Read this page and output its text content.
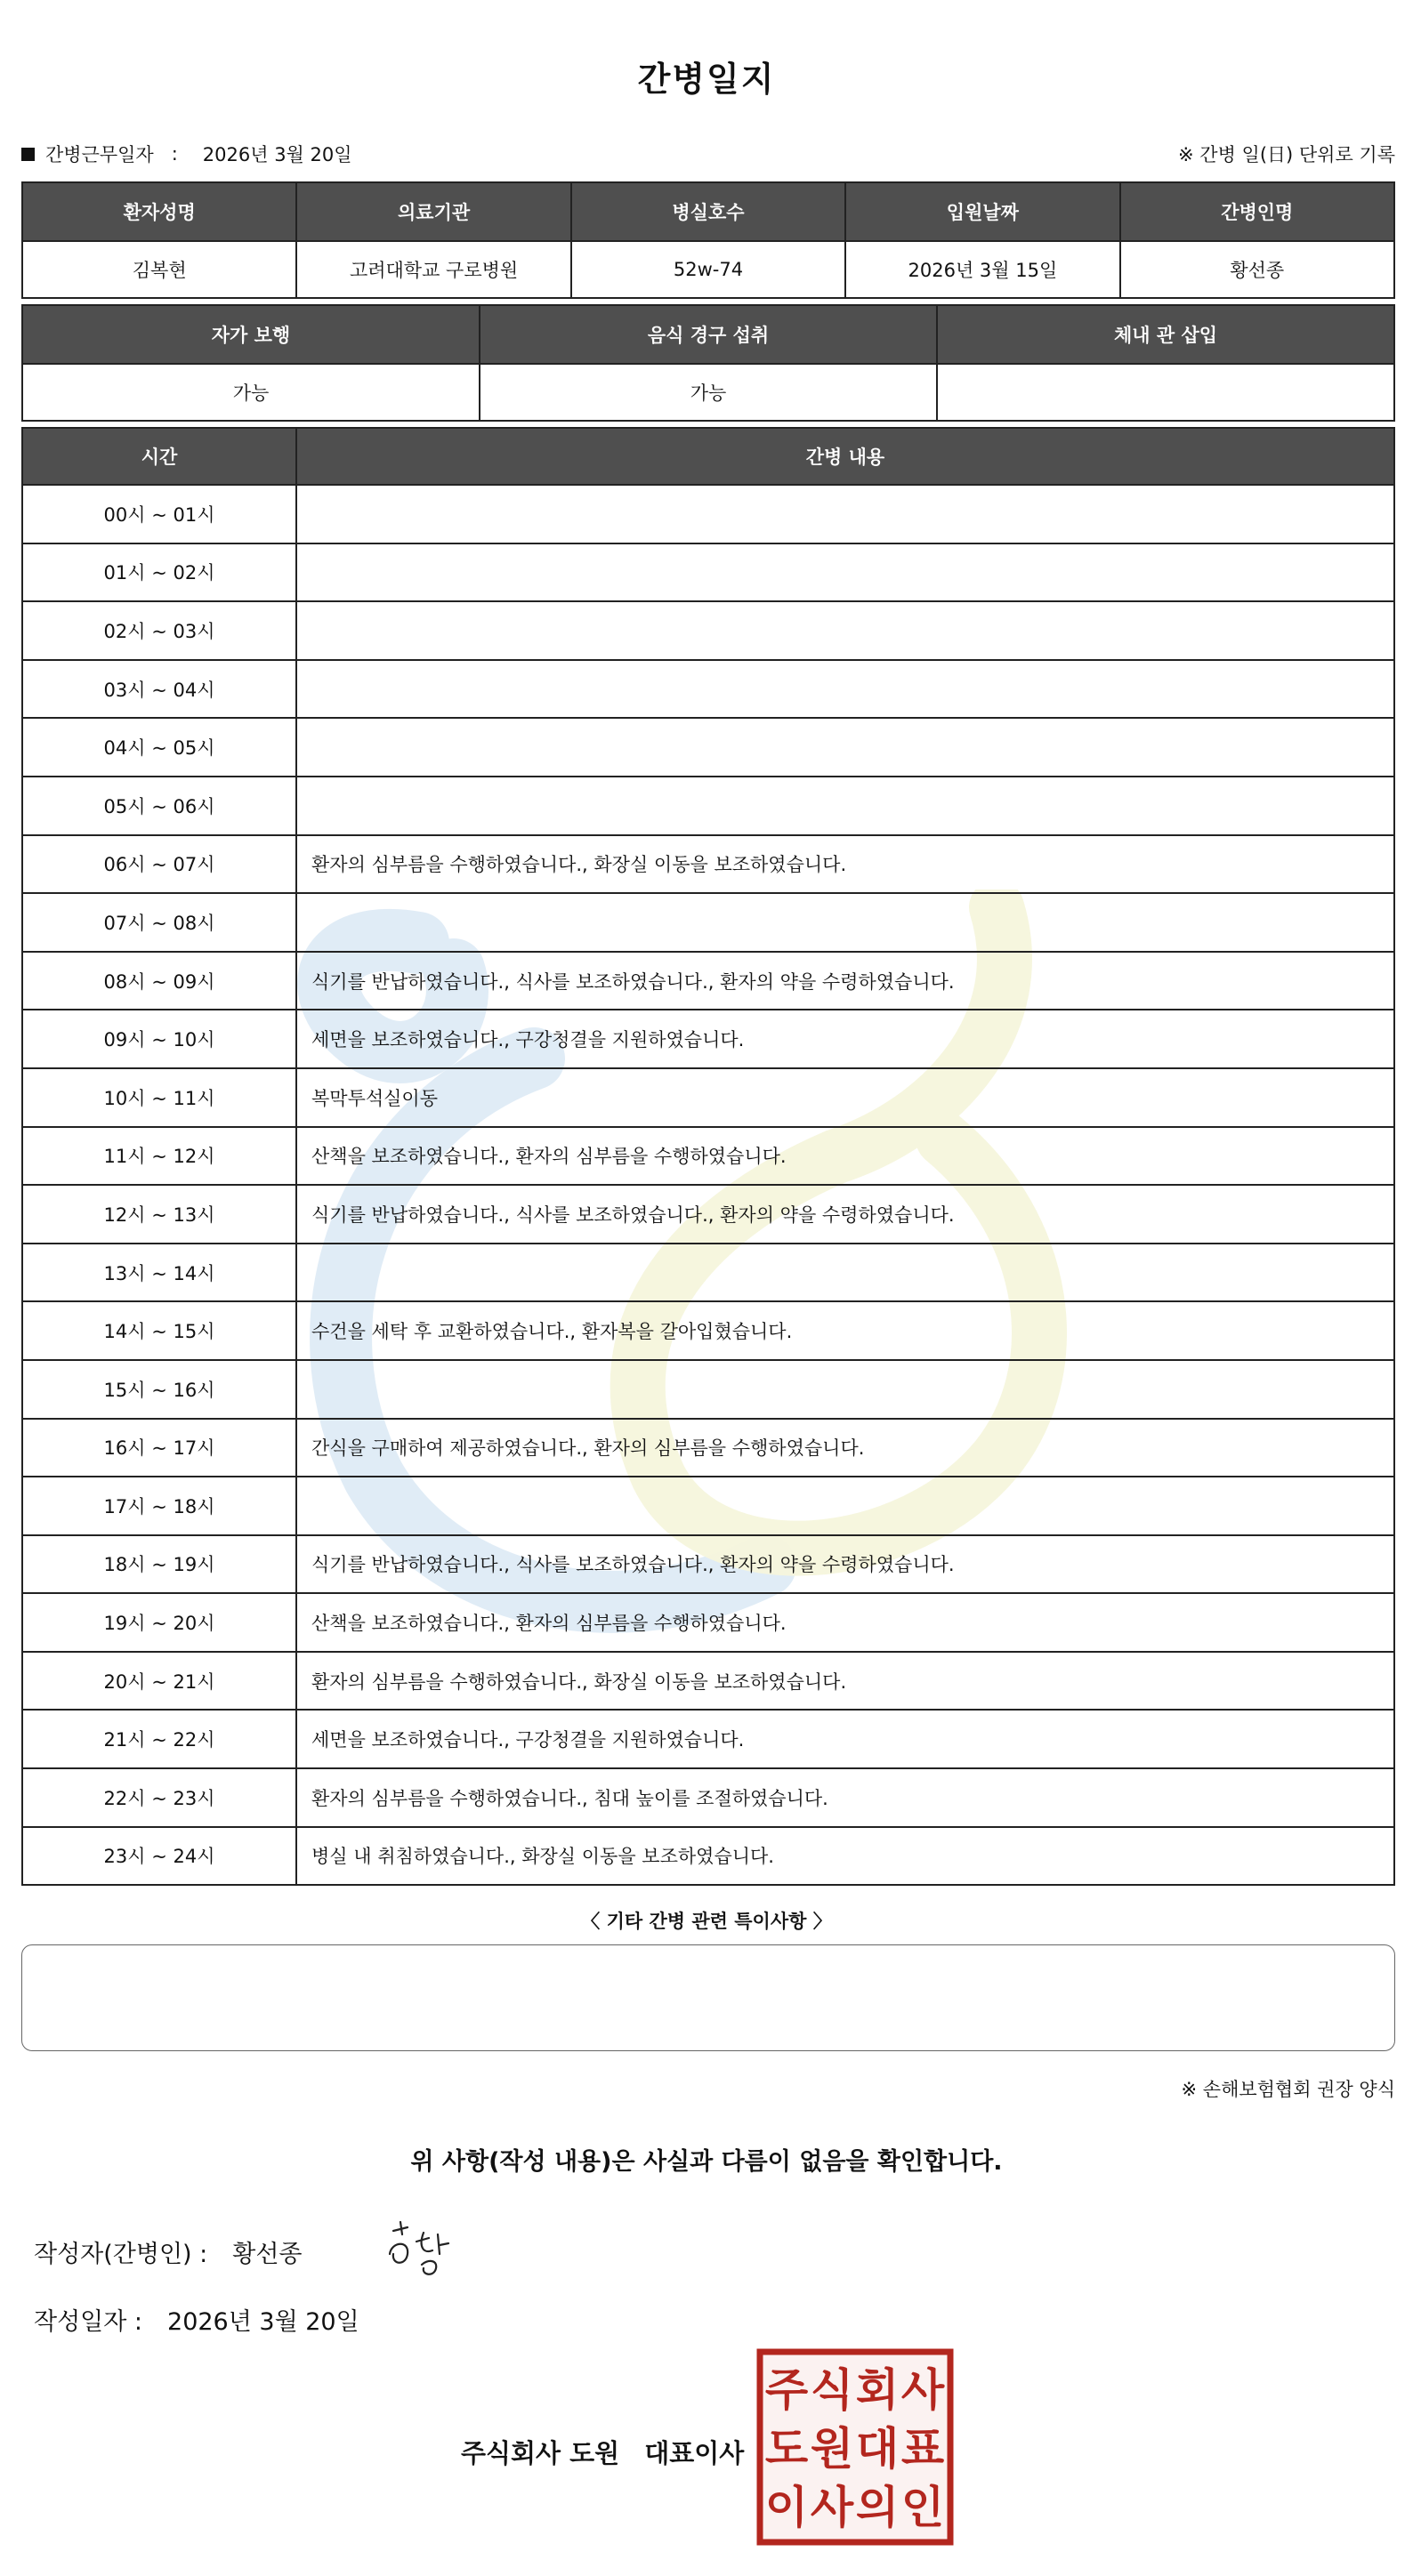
간병일지
간병근무일자 : 2026년 3월 20일	※ 간병 일(日) 단위로 기록
환자성명	의료기관	병실호수	입원날짜	간병인명
김복현	고려대학교 구로병원	52w-74	2026년 3월 15일	황선종
자가 보행	음식 경구 섭취	체내 관 삽입
가능	가능	
시간	간병 내용
00시 ~ 01시	
01시 ~ 02시	
02시 ~ 03시	
03시 ~ 04시	
04시 ~ 05시	
05시 ~ 06시	
06시 ~ 07시	환자의 심부름을 수행하였습니다., 화장실 이동을 보조하였습니다.
07시 ~ 08시	
08시 ~ 09시	식기를 반납하였습니다., 식사를 보조하였습니다., 환자의 약을 수령하였습니다.
09시 ~ 10시	세면을 보조하였습니다., 구강청결을 지원하였습니다.
10시 ~ 11시	복막투석실이동
11시 ~ 12시	산책을 보조하였습니다., 환자의 심부름을 수행하였습니다.
12시 ~ 13시	식기를 반납하였습니다., 식사를 보조하였습니다., 환자의 약을 수령하였습니다.
13시 ~ 14시	
14시 ~ 15시	수건을 세탁 후 교환하였습니다., 환자복을 갈아입혔습니다.
15시 ~ 16시	
16시 ~ 17시	간식을 구매하여 제공하였습니다., 환자의 심부름을 수행하였습니다.
17시 ~ 18시	
18시 ~ 19시	식기를 반납하였습니다., 식사를 보조하였습니다., 환자의 약을 수령하였습니다.
19시 ~ 20시	산책을 보조하였습니다., 환자의 심부름을 수행하였습니다.
20시 ~ 21시	환자의 심부름을 수행하였습니다., 화장실 이동을 보조하였습니다.
21시 ~ 22시	세면을 보조하였습니다., 구강청결을 지원하였습니다.
22시 ~ 23시	환자의 심부름을 수행하였습니다., 침대 높이를 조절하였습니다.
23시 ~ 24시	병실 내 취침하였습니다., 화장실 이동을 보조하였습니다.
〈 기타 간병 관련 특이사항 〉
※ 손해보험협회 권장 양식
위 사항(작성 내용)은 사실과 다름이 없음을 확인합니다.
작성자(간병인) : 황선종
작성일자 : 2026년 3월 20일
주식회사 도원 대표이사
주 식 회 사
도 원 대 표
이 사 의 인
